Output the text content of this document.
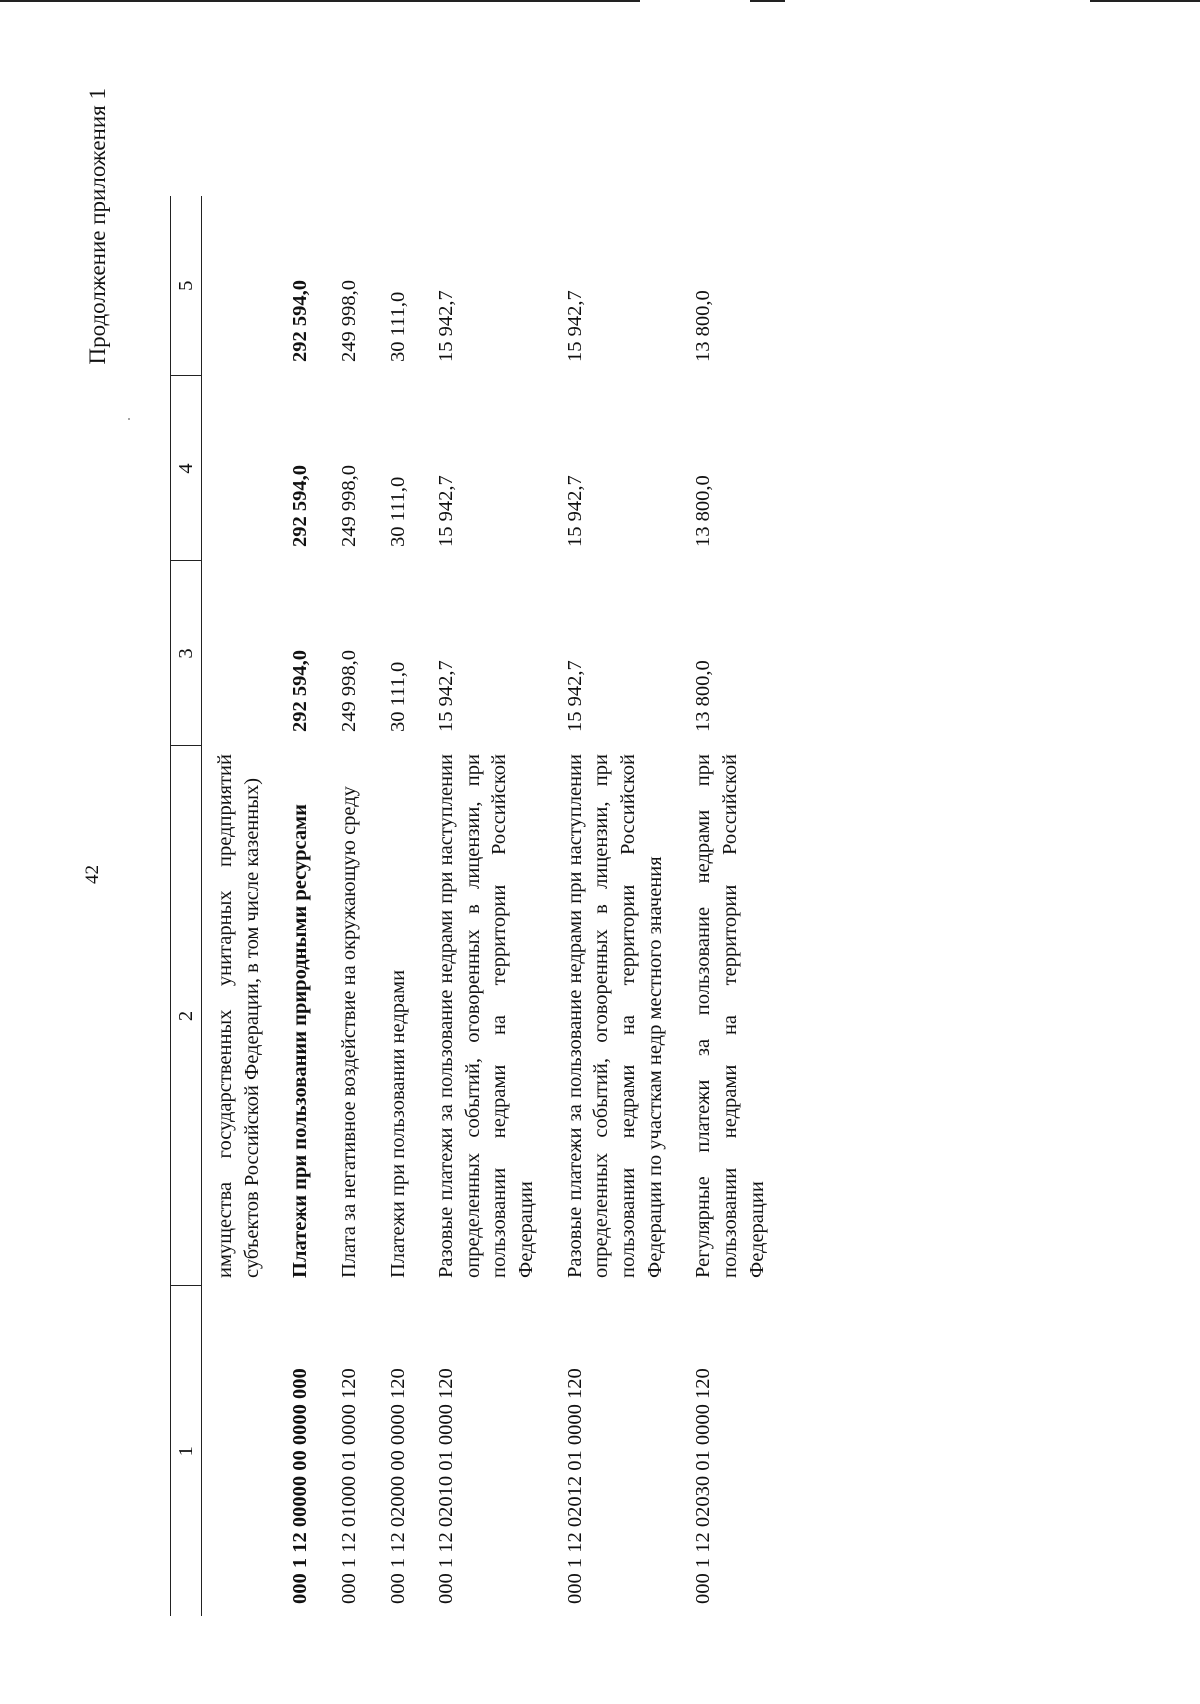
42
Продолжение приложения 1
1	2	3	4	5
	имущества государственных унитарных предприятий субъектов Российской Федерации, в том числе казенных)			
000 1 12 00000 00 0000 000	Платежи при пользовании природными ресурсами	292 594,0	292 594,0	292 594,0
000 1 12 01000 01 0000 120	Плата за негативное воздействие на окружающую среду	249 998,0	249 998,0	249 998,0
000 1 12 02000 00 0000 120	Платежи при пользовании недрами	30 111,0	30 111,0	30 111,0
000 1 12 02010 01 0000 120	Разовые платежи за пользование недрами при наступлении определенных событий, оговоренных в лицензии, при пользовании недрами на территории Российской Федерации	15 942,7	15 942,7	15 942,7
000 1 12 02012 01 0000 120	Разовые платежи за пользование недрами при наступлении определенных событий, оговоренных в лицензии, при пользовании недрами на территории Российской Федерации по участкам недр местного значения	15 942,7	15 942,7	15 942,7
000 1 12 02030 01 0000 120	Регулярные платежи за пользование недрами при пользовании недрами на территории Российской Федерации	13 800,0	13 800,0	13 800,0
